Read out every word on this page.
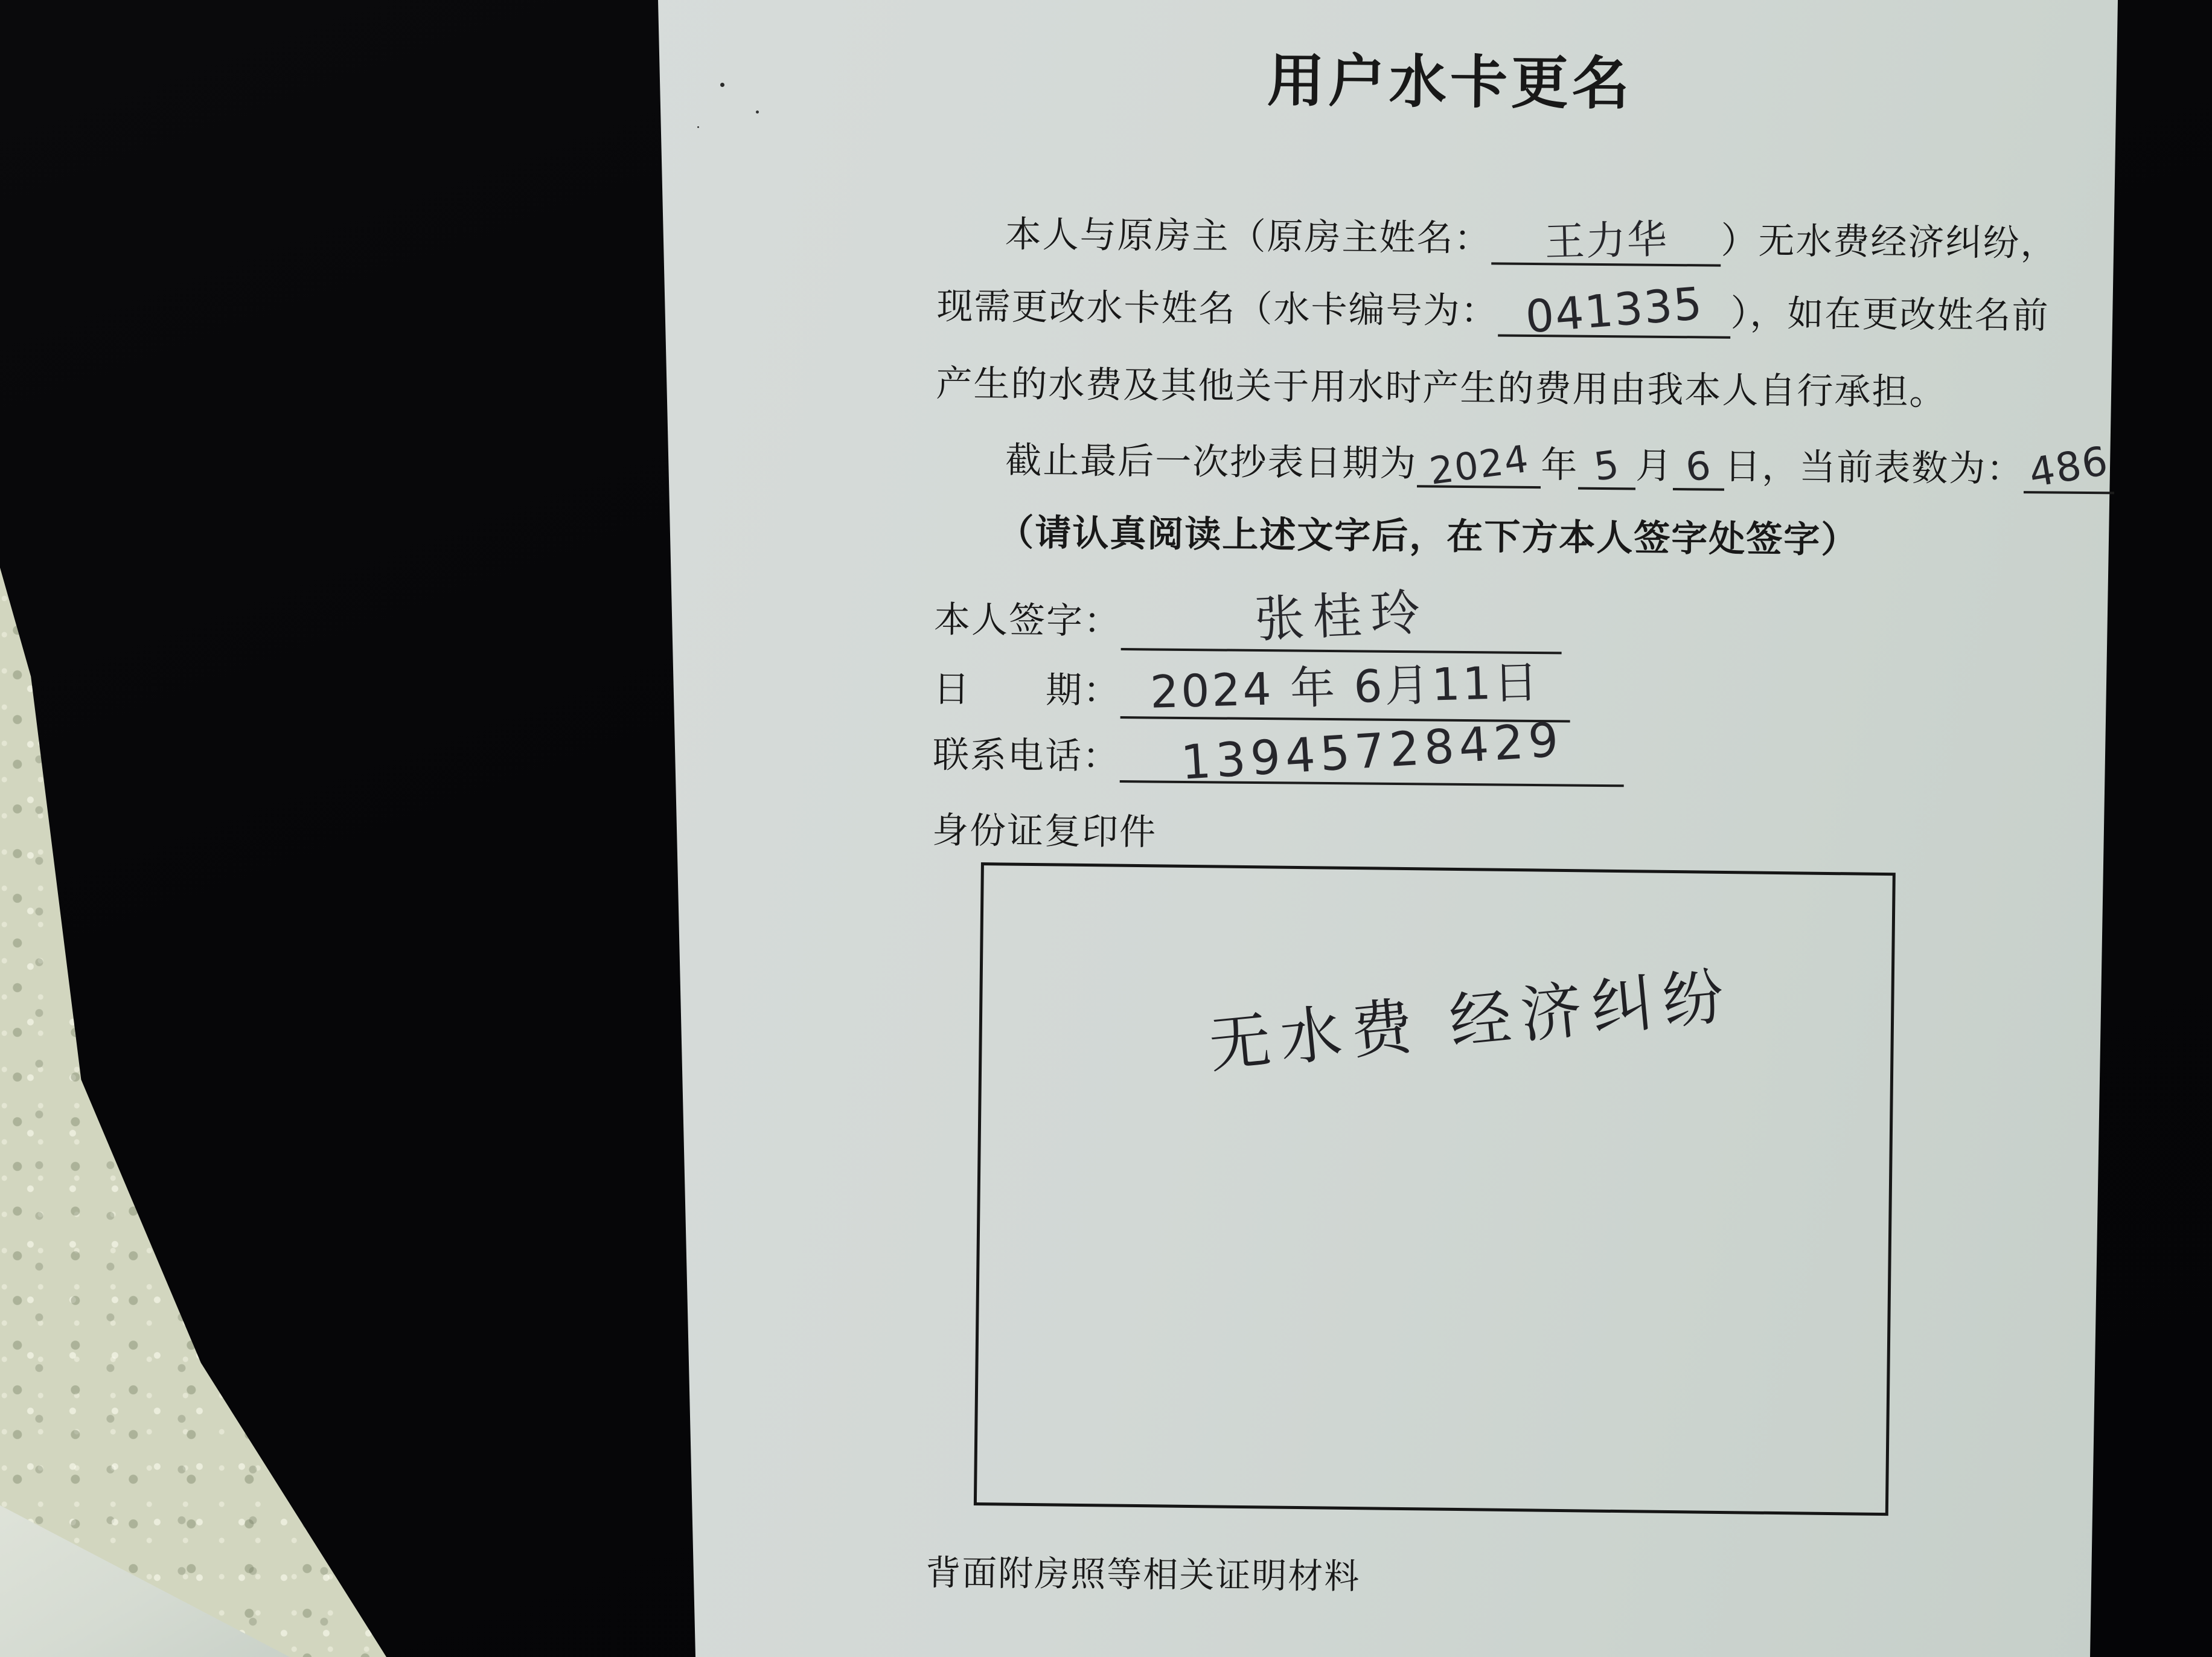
用户水卡更名
本人与原房主（原房主姓名： 王力华 ）无水费经济纠纷，
现需更改水卡姓名（水卡编号为： 041335 ），如在更改姓名前
产生的水费及其他关于用水时产生的费用由我本人自行承担。
截止最后一次抄表日期为 2024 年 5 月 6 日，当前表数为：486
（请认真阅读上述文字后，在下方本人签字处签字）
本人签字：	张桂玲
日　　期： 2024 年 6月11日
联系电话： 13945728429
身份证复印件
无水费 经济纠纷
背面附房照等相关证明材料
